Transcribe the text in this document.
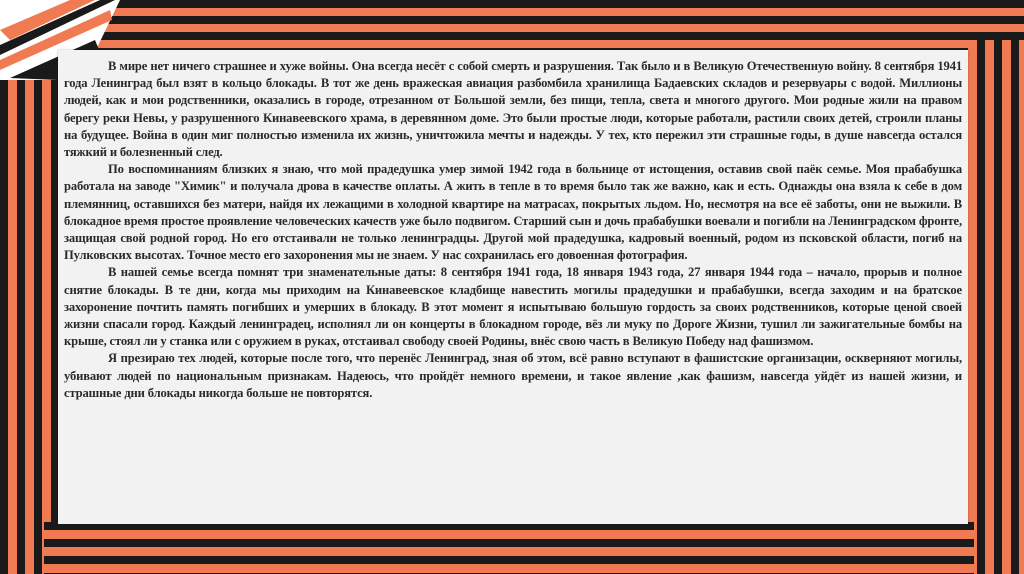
В мире нет ничего страшнее и хуже войны. Она всегда несёт с собой смерть и разрушения. Так было и в Великую Отечественную войну. 8 сентября 1941 года Ленинград был взят в кольцо блокады. В тот же день вражеская авиация разбомбила хранилища Бадаевских складов и резервуары с водой. Миллионы людей, как и мои родственники, оказались в городе, отрезанном от Большой земли, без пищи, тепла, света и многого другого. Мои родные жили на правом берегу реки Невы, у разрушенного Кинавеевского храма, в деревянном доме. Это были простые люди, которые работали, растили своих детей, строили планы на будущее. Война в один миг полностью изменила их жизнь, уничтожила мечты и надежды. У тех, кто пережил эти страшные годы, в душе навсегда остался тяжкий и болезненный след.

По воспоминаниям близких я знаю, что мой прадедушка умер зимой 1942 года в больнице от истощения, оставив свой паёк семье. Моя прабабушка работала на заводе "Химик" и получала дрова в качестве оплаты. А жить в тепле в то время было так же важно, как и есть. Однажды она взяла к себе в дом племянниц, оставшихся без матери, найдя их лежащими в холодной квартире на матрасах, покрытых льдом. Но, несмотря на все её заботы, они не выжили. В блокадное время простое проявление человеческих качеств уже было подвигом. Старший сын и дочь прабабушки воевали и погибли на Ленинградском фронте, защищая свой родной город. Но его отстаивали не только ленинградцы. Другой мой прадедушка, кадровый военный, родом из псковской области, погиб на Пулковских высотах. Точное место его захоронения мы не знаем. У нас сохранилась его довоенная фотография.

В нашей семье всегда помнят три знаменательные даты: 8 сентября 1941 года, 18 января 1943 года, 27 января 1944 года – начало, прорыв и полное снятие блокады. В те дни, когда мы приходим на Кинавеевское кладбище навестить могилы прадедушки и прабабушки, всегда заходим и на братское захоронение почтить память погибших и умерших в блокаду. В этот момент я испытываю большую гордость за своих родственников, которые ценой своей жизни спасали город. Каждый ленинградец, исполнял ли он концерты в блокадном городе, вёз ли муку по Дороге Жизни, тушил ли зажигательные бомбы на крыше, стоял ли у станка или с оружием в руках, отстаивал свободу своей Родины, внёс свою часть в Великую Победу над фашизмом.

Я презираю тех людей, которые после того, что перенёс Ленинград, зная об этом, всё равно вступают в фашистские организации, оскверняют могилы, убивают людей по национальным признакам. Надеюсь, что пройдёт немного времени, и такое явление ,как фашизм, навсегда уйдёт из нашей жизни, и страшные дни блокады никогда больше не повторятся.
